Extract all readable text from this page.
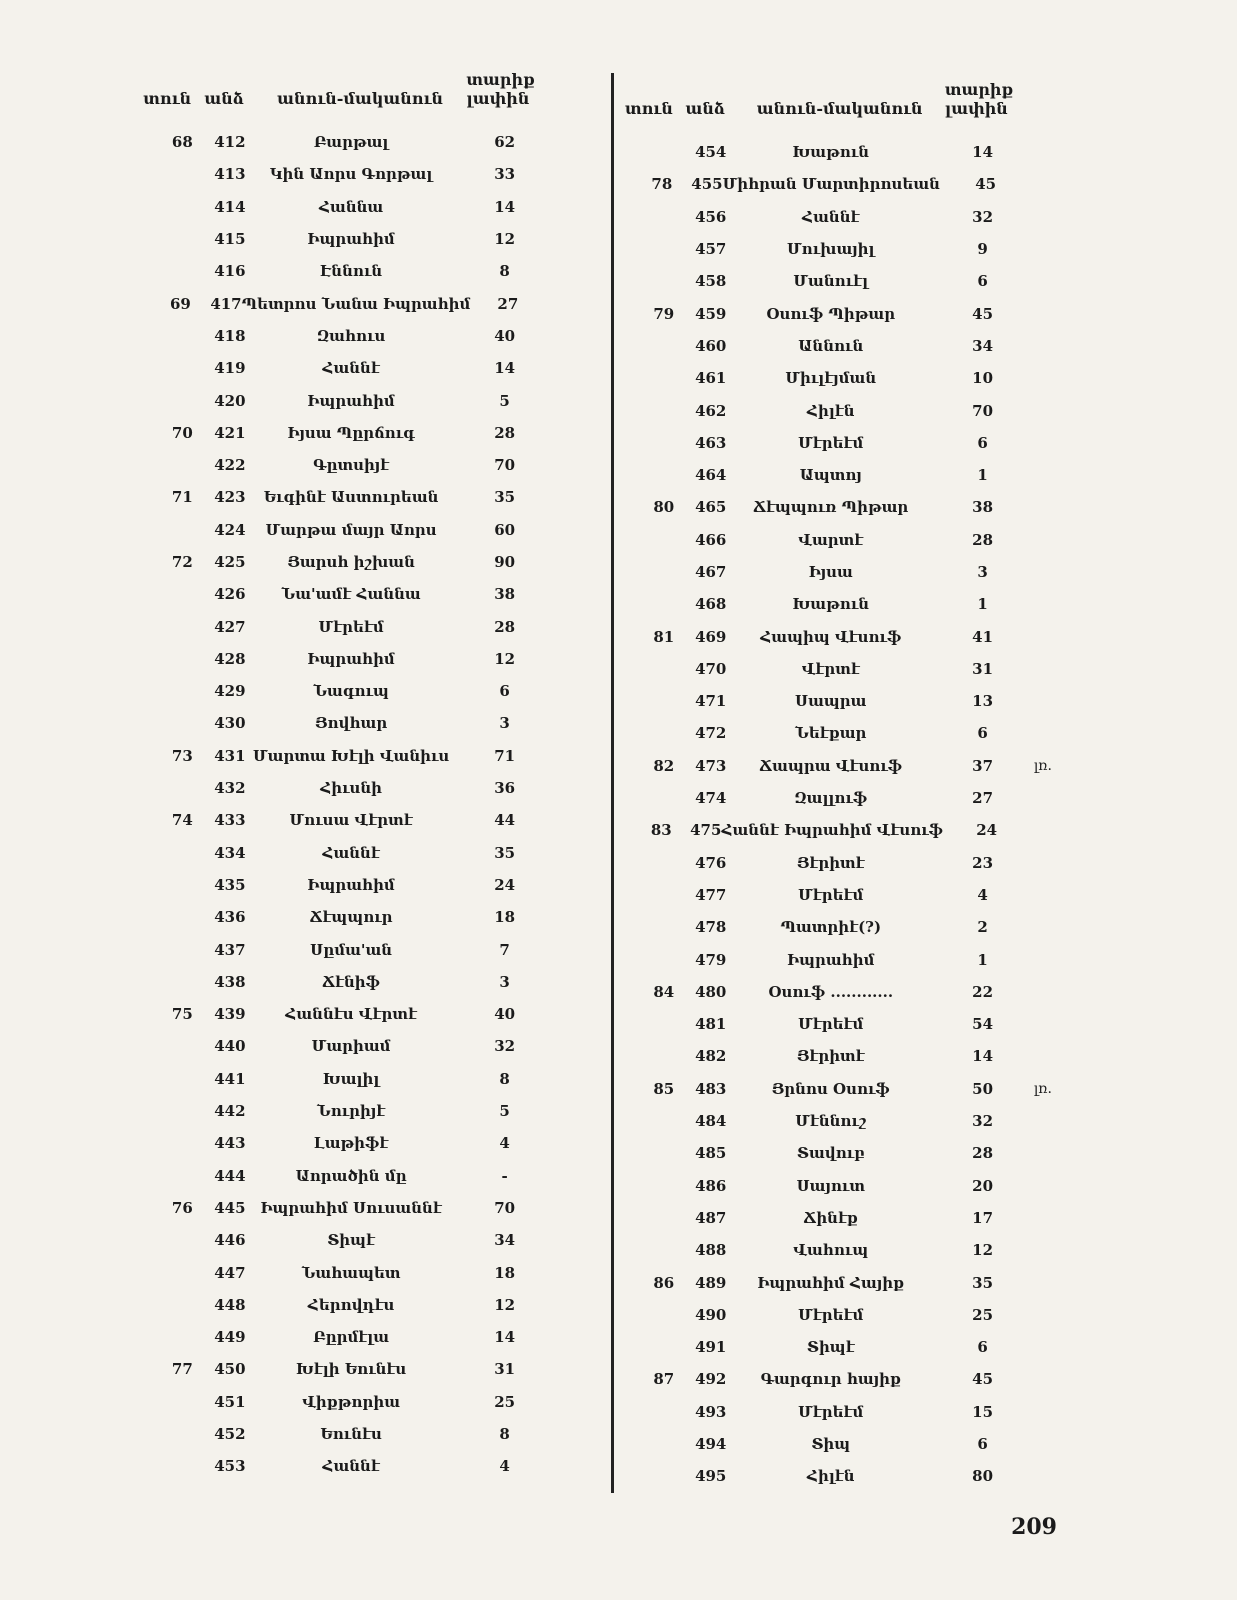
տուն անձ	անուն-մականուն
տարիք լափին
68	412	Բարթալ	62
413	Կին Աորս Գորթալ	33
414	Հաննա	14
415	Իպրահիմ	12
416	Էննուն	8
69	417 Պետրոս Նանա Իպրահիմ	27
418	Զահուս	40
419	Հաննէ	14
420	Իպրահիմ	5
70	421	Իյսա Պըրճուգ	28
422	Գըտսիյէ	70
71	423	Եւգինէ Աստուրեան	35
424	Մարթա մայր Աորս	60
72	425	Յարսհ իշխան	90
426	Նա'ամէ Հաննա	38
427	Մէրեէմ	28
428	Իպրահիմ	12
429	Նագուպ	6
430	Յովհար	3
73	431 Մարտա Խէլի Վանիւս	71
432	Հիւսնի	36
74	433	Մուսա Վէրտէ	44
434	Հաննէ	35
435	Իպրահիմ	24
436	Ճէպպուր	18
437	Սըմա'ան	7
438	Ճէնիֆ	3
75	439	Հաննէս Վէրտէ	40
440	Մարիամ	32
441	Խալիլ	8
442	Նուրիյէ	5
443	Լաթիֆէ	4
444	Աորածին մը	-
76	445 Իպրահիմ Սուսաննէ	70
446	Տիպէ	34
447	Նահապետ	18
448	Հերովդէս	12
449	Բըրմէլա	14
77	450	Խէլի Եունէս	31
451	Վիքթորիա	25
452	Եունէս	8
453	Հաննէ	4
տուն անձ	անուն-մականուն
տարիք լափին
454	Խաթուն	14
78	455 Միհրան Մարտիրոսեան	45
456	Հաննէ	32
457	Մուխայիլ	9
458	Մանուէլ	6
79	459	Օսուֆ Պիթար	45
460	Աննուն	34
461	Միւլէյման	10
462	Հիլէն	70
463	Մէրեէմ	6
464	Ապտոյ	1
80	465	Ճէպպուռ Պիթար	38
466	Վարտէ	28
467	Իյսա	3
468	Խաթուն	1
81	469	Հապիպ Վէսուֆ	41
470	Վէրտէ	31
471	Սապրա	13
472	Նեէքար	6
82	473	Ճապրա Վէսուֆ	37	լռ.
474	Զալլուֆ	27
83	475 Հաննէ Իպրահիմ Վէսուֆ	24
476	Յէրիտէ	23
477	Մէրեէմ	4
478	Պատրիէ(?)	2
479	Իպրահիմ	1
84	480	Օսուֆ ............	22
481	Մէրեէմ	54
482	Յէրիտէ	14
85	483	Յրնոս Օսուֆ	50	լռ.
484	Մէննուշ	32
485	Տավուբ	28
486	Սայուտ	20
487	Ճինէք	17
488	Վահուպ	12
86	489	Իպրահիմ Հայիք	35
490	Մէրեէմ	25
491	Տիպէ	6
87	492	Գարգուր հայիք	45
493	Մէրեէմ	15
494	Տիպ	6
495	Հիլէն	80
209
